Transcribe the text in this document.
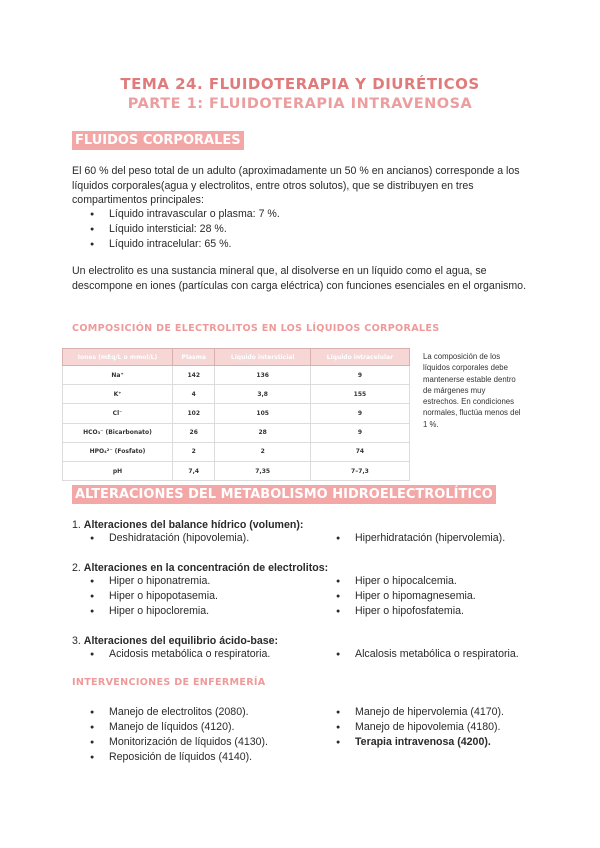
TEMA 24. FLUIDOTERAPIA Y DIURÉTICOS
PARTE 1: FLUIDOTERAPIA INTRAVENOSA
FLUIDOS CORPORALES

El 60 % del peso total de un adulto (aproximadamente un 50 % en ancianos) corresponde a los líquidos corporales(agua y electrolitos, entre otros solutos), que se distribuyen en tres compartimentos principales:

● Líquido intravascular o plasma: 7 %.
● Líquido intersticial: 28 %.
● Líquido intracelular: 65 %.

Un electrolito es una sustancia mineral que, al disolverse en un líquido como el agua, se descompone en iones (partículas con carga eléctrica) con funciones esenciales en el organismo.

COMPOSICIÓN DE ELECTROLITOS EN LOS LÍQUIDOS CORPORALES
Iones (mEq/L o mmol/L)	Plasma	Líquido intersticial	Líquido intracelular
Na⁺	142	136	9
K⁺	4	3,8	155
Cl⁻	102	105	9
HCO₃⁻ (Bicarbonato)	26	28	9
HPO₄²⁻ (Fosfato)	2	2	74
pH	7,4	7,35	7–7,3

La composición de los líquidos corporales debe mantenerse estable dentro de márgenes muy estrechos. En condiciones normales, fluctúa menos del 1 %.

ALTERACIONES DEL METABOLISMO HIDROELECTROLÍTICO
1. Alteraciones del balance hídrico (volumen):
● Deshidratación (hipovolemia).	● Hiperhidratación (hipervolemia).
2. Alteraciones en la concentración de electrolitos:
● Hiper o hiponatremia.
● Hiper o hipopotasemia.
● Hiper o hipocloremia.
● Hiper o hipocalcemia.
● Hiper o hipomagnesemia.
● Hiper o hipofosfatemia.
3. Alteraciones del equilibrio ácido-base:
● Acidosis metabólica o respiratoria.	● Alcalosis metabólica o respiratoria.
INTERVENCIONES DE ENFERMERÍA
● Manejo de electrolitos (2080).
● Manejo de líquidos (4120).
● Monitorización de líquidos (4130).
● Reposición de líquidos (4140).
● Manejo de hipervolemia (4170).
● Manejo de hipovolemia (4180).
● Terapia intravenosa (4200).
